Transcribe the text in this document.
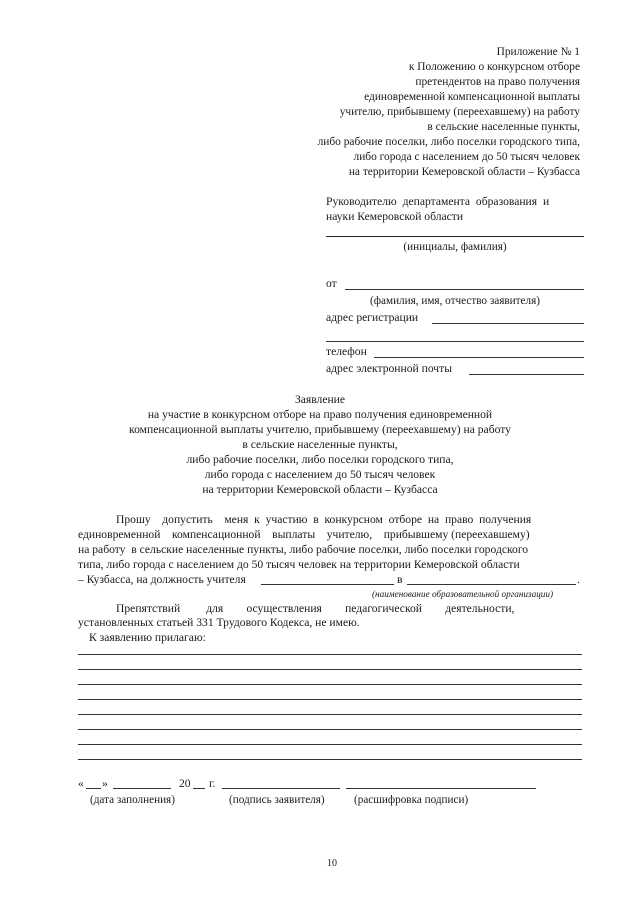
Приложение № 1
к Положению о конкурсном отборе
претендентов на право получения
единовременной компенсационной выплаты
учителю, прибывшему (переехавшему) на работу
в сельские населенные пункты,
либо рабочие поселки, либо поселки городского типа,
либо города с населением до 50 тысяч человек
на территории Кемеровской области – Кузбасса
Руководителю департамента образования и
науки Кемеровской области
(инициалы, фамилия)
от
(фамилия, имя, отчество заявителя)
адрес регистрации
телефон
адрес электронной почты
Заявление
на участие в конкурсном отборе на право получения единовременной
компенсационной выплаты учителю, прибывшему (переехавшему) на работу
в сельские населенные пункты,
либо рабочие поселки, либо поселки городского типа,
либо города с населением до 50 тысяч человек
на территории Кемеровской области – Кузбасса
Прошу    допустить    меня  к  участию  в  конкурсном  отборе  на  право  получения
единовременной    компенсационной    выплаты    учителю,    прибывшему (переехавшему)
на работу  в сельские населенные пункты, либо рабочие поселки, либо поселки городского
типа, либо города с населением до 50 тысяч человек на территории Кемеровской области
– Кузбасса, на должность учителя	в	.
(наименование образовательной организации)
Препятствий         для        осуществления        педагогической        деятельности,
установленных статьей 331 Трудового Кодекса, не имею.
К заявлению прилагаю:
« »	20 г.
(дата заполнения)	(подпись заявителя)	(расшифровка подписи)
10
